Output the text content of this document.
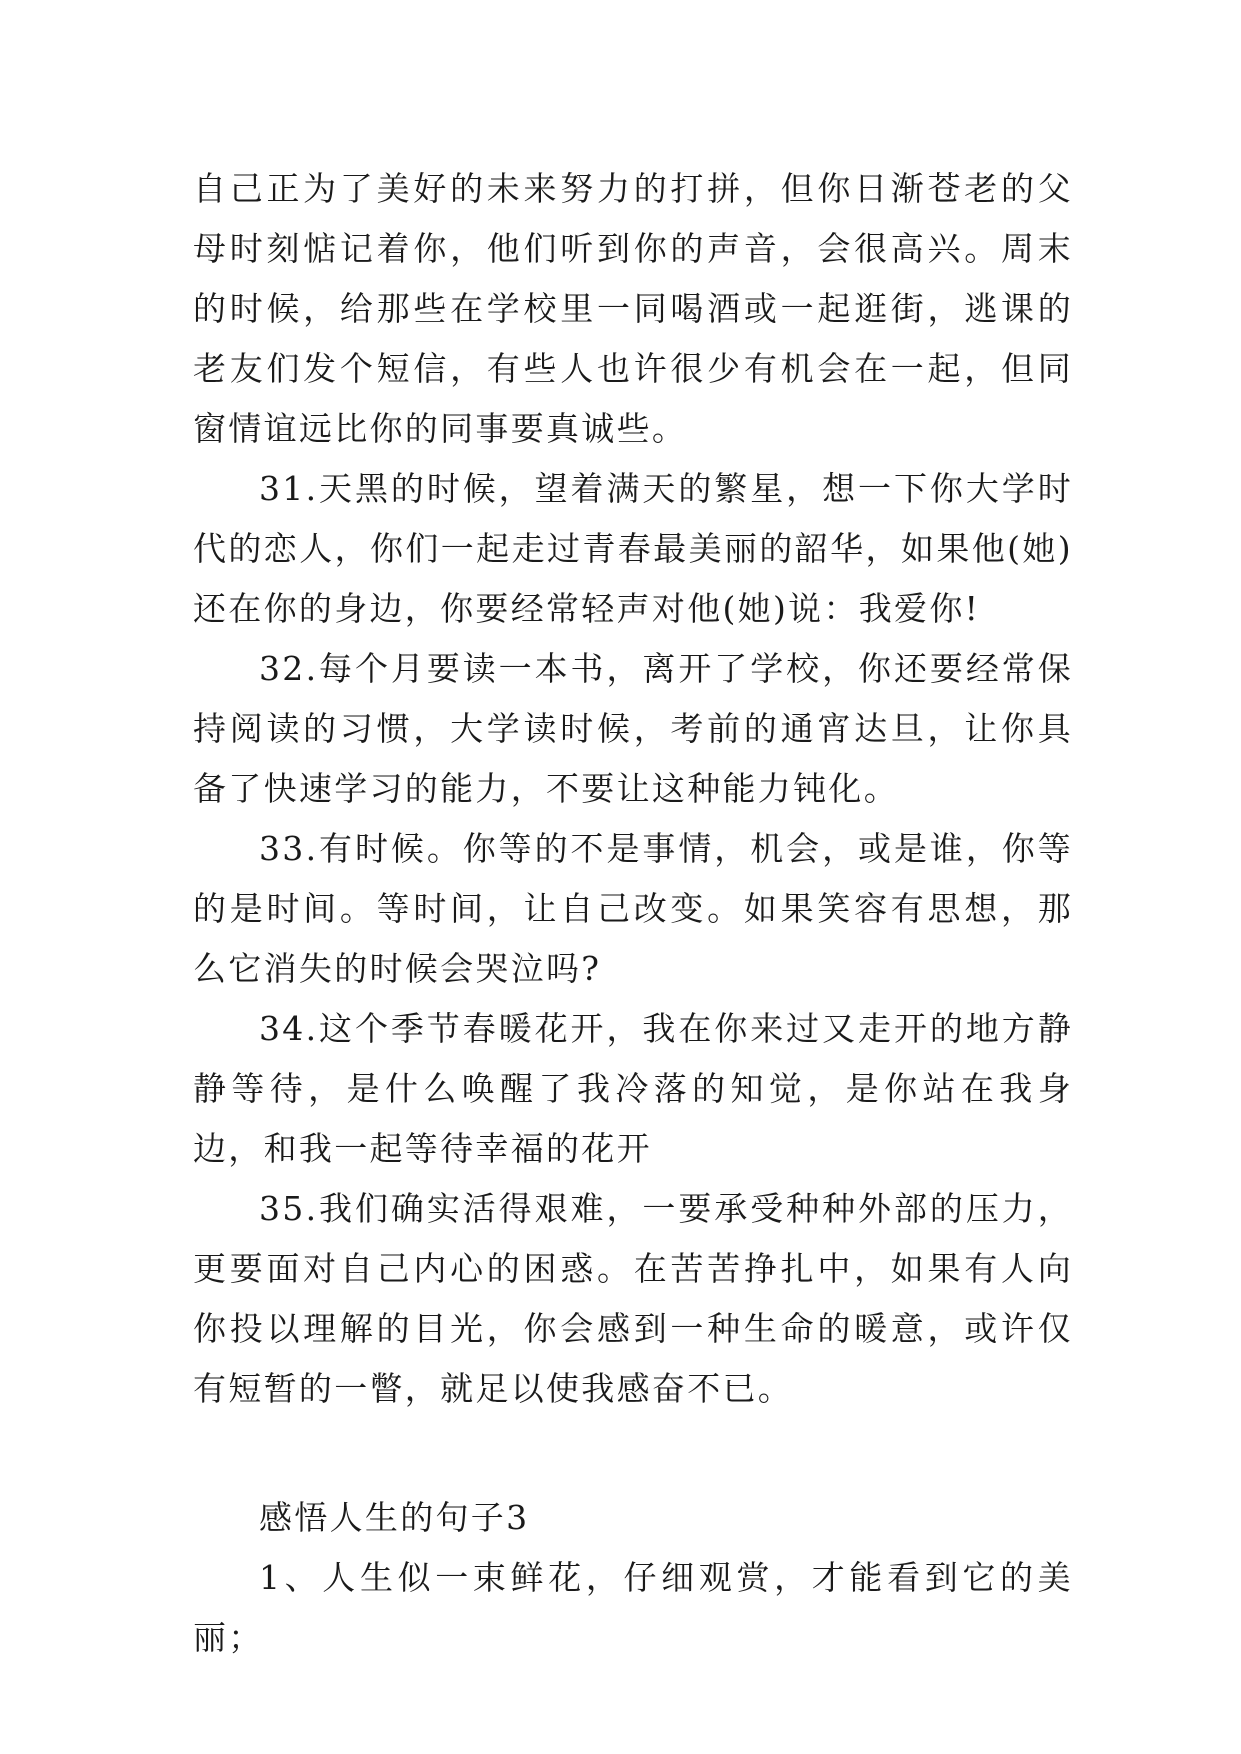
自己正为了美好的未来努力的打拼，但你日渐苍老的父母时刻惦记着你，他们听到你的声音，会很高兴。周末的时候，给那些在学校里一同喝酒或一起逛街，逃课的老友们发个短信，有些人也许很少有机会在一起，但同窗情谊远比你的同事要真诚些。

31.天黑的时候，望着满天的繁星，想一下你大学时代的恋人，你们一起走过青春最美丽的韶华，如果他(她)还在你的身边，你要经常轻声对他(她)说：我爱你!

32.每个月要读一本书，离开了学校，你还要经常保持阅读的习惯，大学读时候，考前的通宵达旦，让你具备了快速学习的能力，不要让这种能力钝化。

33.有时候。你等的不是事情，机会，或是谁，你等的是时间。等时间，让自己改变。如果笑容有思想，那么它消失的时候会哭泣吗?

34.这个季节春暖花开，我在你来过又走开的地方静静等待，是什么唤醒了我冷落的知觉，是你站在我身边，和我一起等待幸福的花开

35.我们确实活得艰难，一要承受种种外部的压力，更要面对自己内心的困惑。在苦苦挣扎中，如果有人向你投以理解的目光，你会感到一种生命的暖意，或许仅有短暂的一瞥，就足以使我感奋不已。

感悟人生的句子3

1、人生似一束鲜花，仔细观赏，才能看到它的美丽；
